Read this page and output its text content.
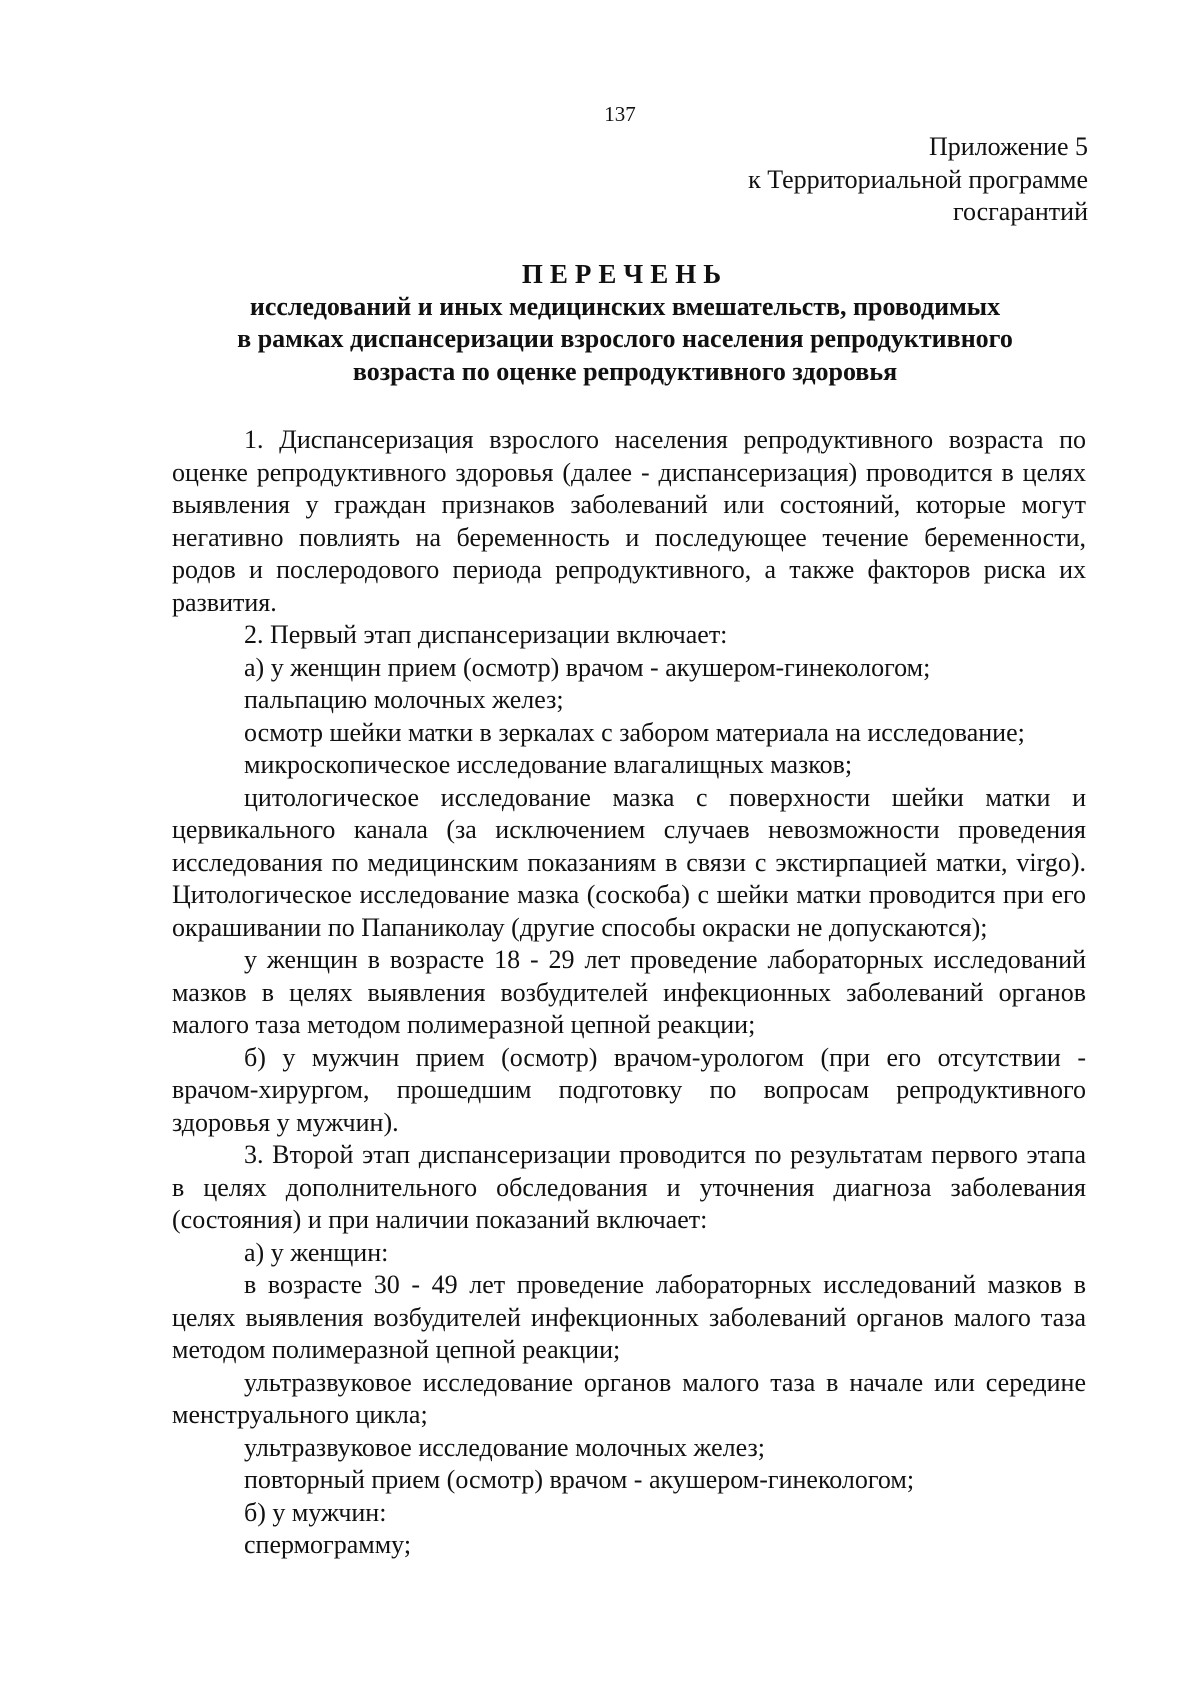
137
Приложение 5
к Территориальной программе
госгарантий
ПЕРЕЧЕНЬ
исследований и иных медицинских вмешательств, проводимых
в рамках диспансеризации взрослого населения репродуктивного
возраста по оценке репродуктивного здоровья

1. Диспансеризация взрослого населения репродуктивного возраста по оценке репродуктивного здоровья (далее - диспансеризация) проводится в целях выявления у граждан признаков заболеваний или состояний, которые могут негативно повлиять на беременность и последующее течение беременности, родов и послеродового периода репродуктивного, а также факторов риска их развития.

2. Первый этап диспансеризации включает:

а) у женщин прием (осмотр) врачом - акушером-гинекологом;

пальпацию молочных желез;

осмотр шейки матки в зеркалах с забором материала на исследование;

микроскопическое исследование влагалищных мазков;

цитологическое исследование мазка с поверхности шейки матки и цервикального канала (за исключением случаев невозможности проведения исследования по медицинским показаниям в связи с экстирпацией матки, virgo). Цитологическое исследование мазка (соскоба) с шейки матки проводится при его окрашивании по Папаниколау (другие способы окраски не допускаются);

у женщин в возрасте 18 - 29 лет проведение лабораторных исследований мазков в целях выявления возбудителей инфекционных заболеваний органов малого таза методом полимеразной цепной реакции;

б) у мужчин прием (осмотр) врачом-урологом (при его отсутствии - врачом-хирургом, прошедшим подготовку по вопросам репродуктивного здоровья у мужчин).

3. Второй этап диспансеризации проводится по результатам первого этапа в целях дополнительного обследования и уточнения диагноза заболевания (состояния) и при наличии показаний включает:

а) у женщин:

в возрасте 30 - 49 лет проведение лабораторных исследований мазков в целях выявления возбудителей инфекционных заболеваний органов малого таза методом полимеразной цепной реакции;

ультразвуковое исследование органов малого таза в начале или середине менструального цикла;

ультразвуковое исследование молочных желез;

повторный прием (осмотр) врачом - акушером-гинекологом;

б) у мужчин:

спермограмму;
